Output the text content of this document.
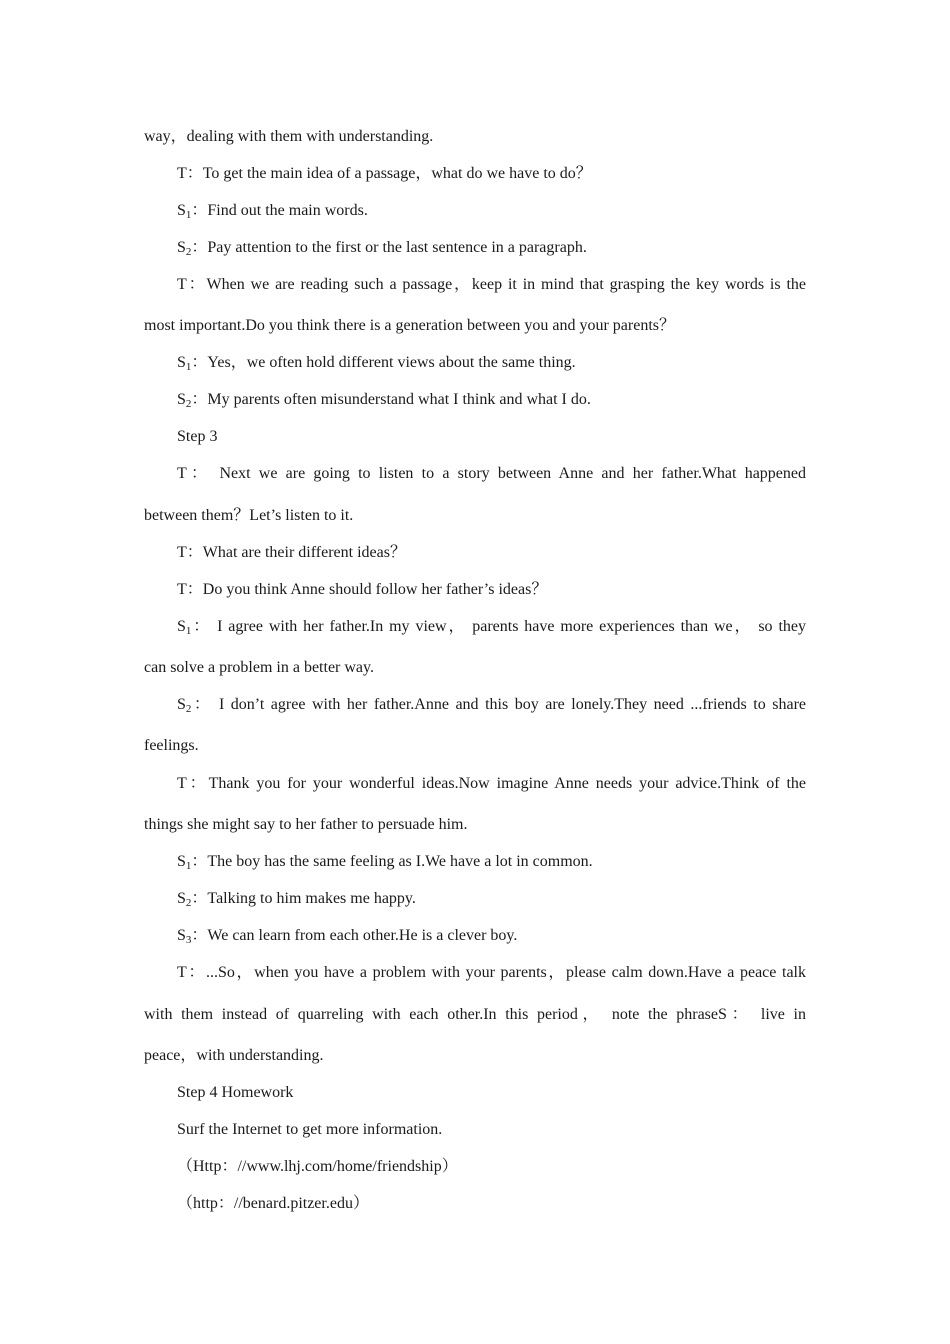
way，dealing with them with understanding.
T：To get the main idea of a passage，what do we have to do？
S1：Find out the main words.
S2：Pay attention to the first or the last sentence in a paragraph.
T：When we are reading such a passage，keep it in mind that grasping the key words is the
most important.Do you think there is a generation between you and your parents？
S1：Yes，we often hold different views about the same thing.
S2：My parents often misunderstand what I think and what I do.
Step 3
T： Next we are going to listen to a story between Anne and her father.What happened
between them？Let’s listen to it.
T：What are their different ideas？
T：Do you think Anne should follow her father’s ideas？
S1： I agree with her father.In my view， parents have more experiences than we， so they
can solve a problem in a better way.
S2： I don’t agree with her father.Anne and this boy are lonely.They need ...friends to share
feelings.
T：Thank you for your wonderful ideas.Now imagine Anne needs your advice.Think of the
things she might say to her father to persuade him.
S1：The boy has the same feeling as I.We have a lot in common.
S2：Talking to him makes me happy.
S3：We can learn from each other.He is a clever boy.
T：...So，when you have a problem with your parents，please calm down.Have a peace talk
with them instead of quarreling with each other.In this period， note the phraseS： live in
peace，with understanding.
Step 4 Homework
Surf the Internet to get more information.
（Http：//www.lhj.com/home/friendship）
（http：//benard.pitzer.edu）
